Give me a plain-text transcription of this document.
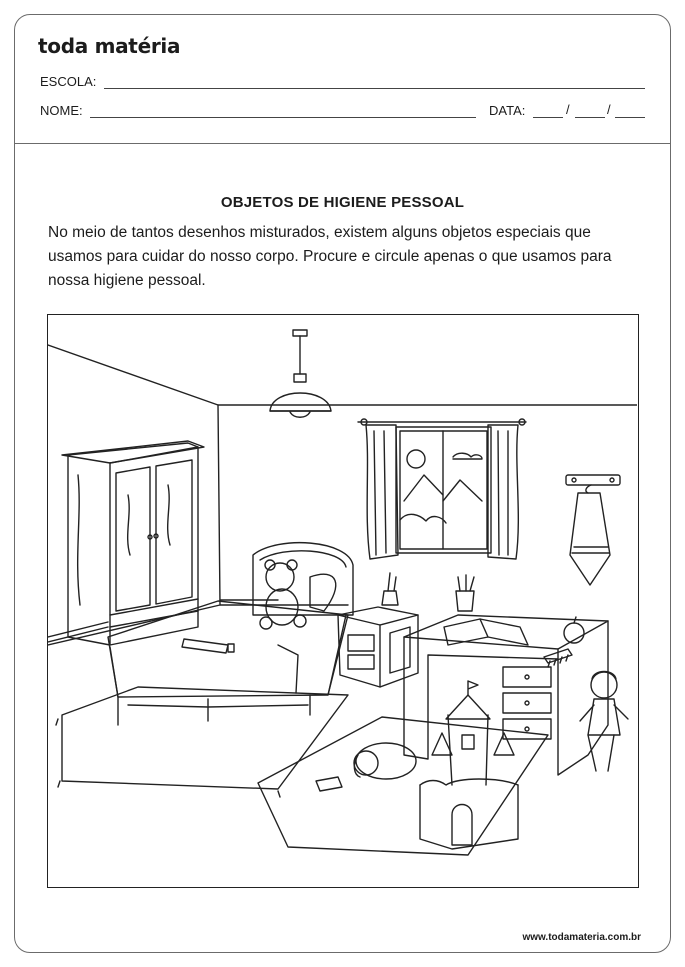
toda matéria
ESCOLA:
NOME:	DATA:	/	/
OBJETOS DE HIGIENE PESSOAL
No meio de tantos desenhos misturados, existem alguns objetos especiais que usamos para cuidar do nosso corpo. Procure e circule apenas o que usamos para nossa higiene pessoal.
www.todamateria.com.br
